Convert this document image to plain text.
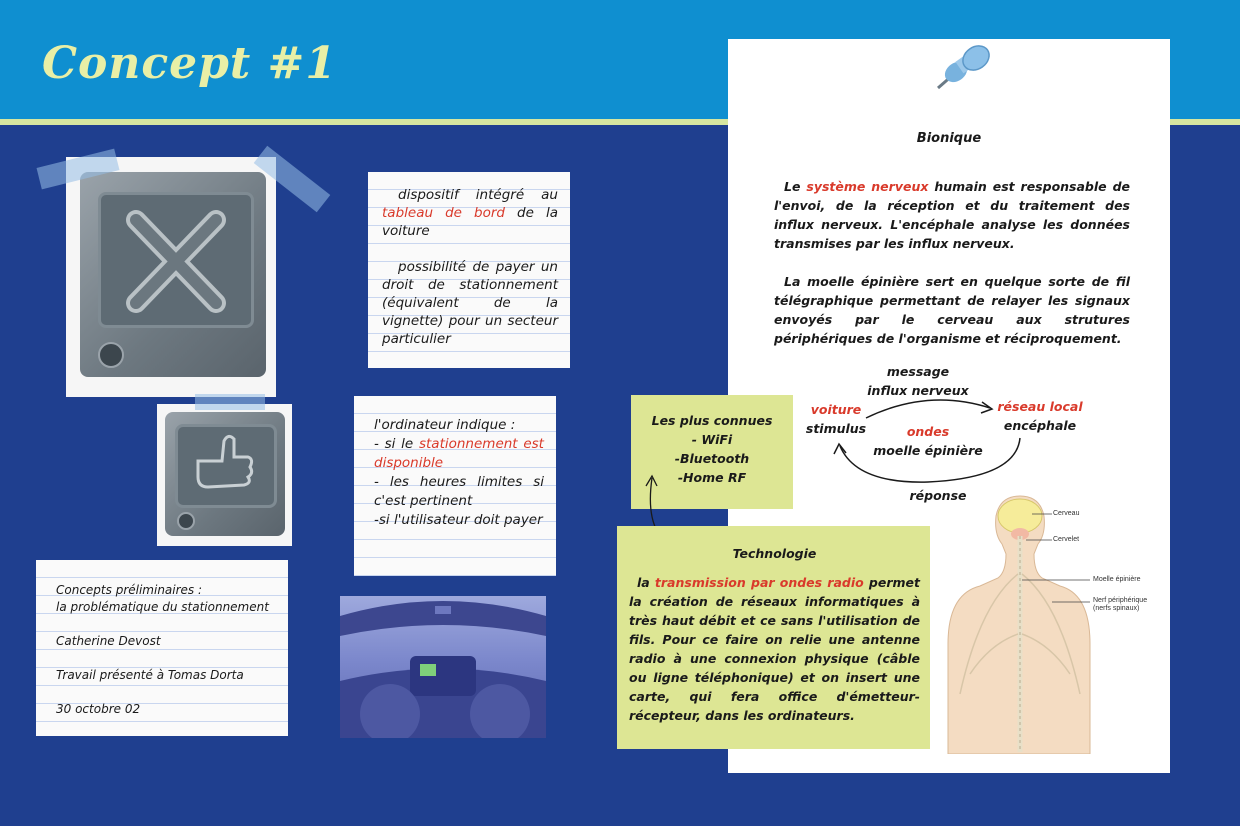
Concept #1
dispositif intégré au tableau de bord de la voiture
possibilité de payer un droit de stationnement (équivalent de la vignette) pour un secteur particulier
l'ordinateur indique :
- si le stationnement est disponible
- les heures limites si c'est pertinent
-si l'utilisateur doit payer
Concepts préliminaires :
la problématique du stationnement
Catherine Devost
Travail présenté à Tomas Dorta
30 octobre 02
Bionique
Le système nerveux humain est responsable de l'envoi, de la réception et du traitement des influx nerveux. L'encéphale analyse les données transmises par les influx nerveux.
La moelle épinière sert en quelque sorte de fil télégraphique permettant de relayer les signaux envoyés par le cerveau aux strutures périphériques de l'organisme et réciproquement.
message
influx nerveux
voiture
stimulus
réseau local
encéphale
ondes
moelle épinière
réponse
Cerveau
Cervelet
Moelle épinière
Nerf périphérique
(nerfs spinaux)
Les plus connues
- WiFi
-Bluetooth
-Home RF
Technologie
la transmission par ondes radio permet la création de réseaux informatiques à très haut débit et ce sans l'utilisation de fils. Pour ce faire on relie une antenne radio à une connexion physique (câble ou ligne téléphonique) et on insert une carte, qui fera office d'émetteur-récepteur, dans les ordinateurs.
